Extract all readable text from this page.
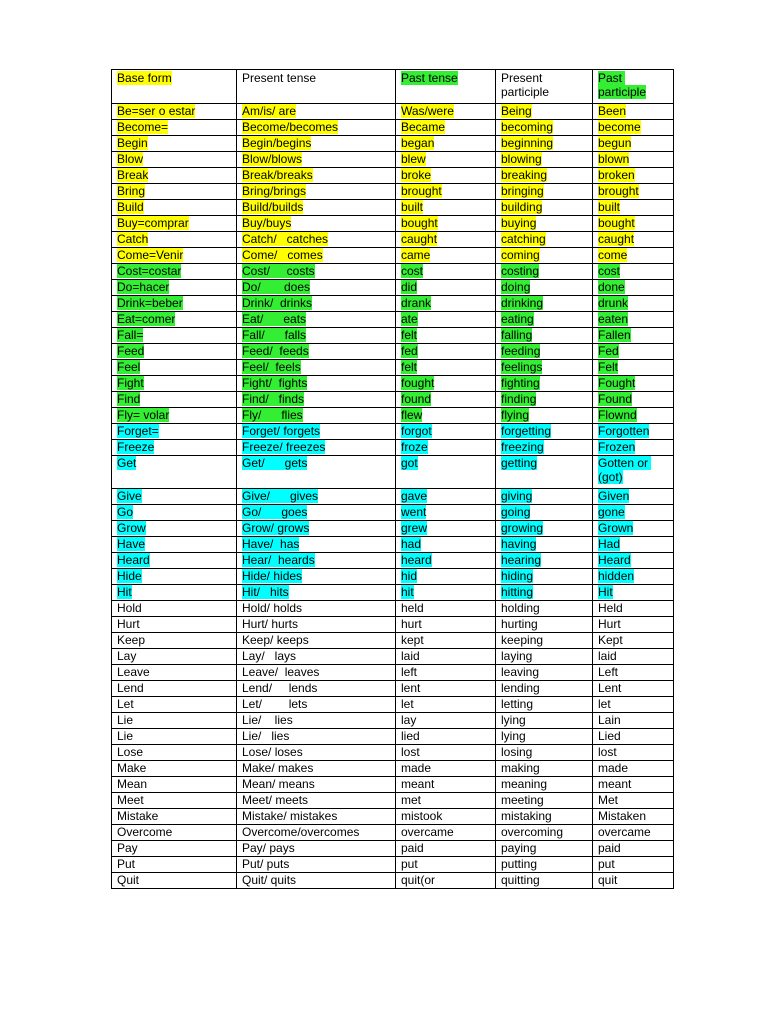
Base form	Present tense	Past tense	Present participle	Past participle
Be=ser o estar	Am/is/ are	Was/were	Being	Been
Become=	Become/becomes	Became	becoming	become
Begin	Begin/begins	began	beginning	begun
Blow	Blow/blows	blew	blowing	blown
Break	Break/breaks	broke	breaking	broken
Bring	Bring/brings	brought	bringing	brought
Build	Build/builds	built	building	built
Buy=comprar	Buy/buys	bought	buying	bought
Catch	Catch/   catches	caught	catching	caught
Come=Venir	Come/   comes	came	coming	come
Cost=costar	Cost/     costs	cost	costing	cost
Do=hacer	Do/       does	did	doing	done
Drink=beber	Drink/  drinks	drank	drinking	drunk
Eat=comer	Eat/      eats	ate	eating	eaten
Fall=	Fall/      falls	felt	falling	Fallen
Feed	Feed/  feeds	fed	feeding	Fed
Feel	Feel/  feels	felt	feelings	Felt
Fight	Fight/  fights	fought	fighting	Fought
Find	Find/   finds	found	finding	Found
Fly= volar	Fly/      flies	flew	flying	Flownd
Forget=	Forget/ forgets	forgot	forgetting	Forgotten
Freeze	Freeze/ freezes	froze	freezing	Frozen
Get	Get/      gets	got	getting	Gotten or (got)
Give	Give/      gives	gave	giving	Given
Go	Go/      goes	went	going	gone
Grow	Grow/ grows	grew	growing	Grown
Have	Have/  has	had	having	Had
Heard	Hear/  heards	heard	hearing	Heard
Hide	Hide/ hides	hid	hiding	hidden
Hit	Hit/   hits	hit	hitting	Hit
Hold	Hold/ holds	held	holding	Held
Hurt	Hurt/ hurts	hurt	hurting	Hurt
Keep	Keep/ keeps	kept	keeping	Kept
Lay	Lay/   lays	laid	laying	laid
Leave	Leave/  leaves	left	leaving	Left
Lend	Lend/     lends	lent	lending	Lent
Let	Let/        lets	let	letting	let
Lie	Lie/    lies	lay	lying	Lain
Lie	Lie/   lies	lied	lying	Lied
Lose	Lose/ loses	lost	losing	lost
Make	Make/ makes	made	making	made
Mean	Mean/ means	meant	meaning	meant
Meet	Meet/ meets	met	meeting	Met
Mistake	Mistake/ mistakes	mistook	mistaking	Mistaken
Overcome	Overcome/overcomes	overcame	overcoming	overcame
Pay	Pay/ pays	paid	paying	paid
Put	Put/ puts	put	putting	put
Quit	Quit/ quits	quit(or	quitting	quit
